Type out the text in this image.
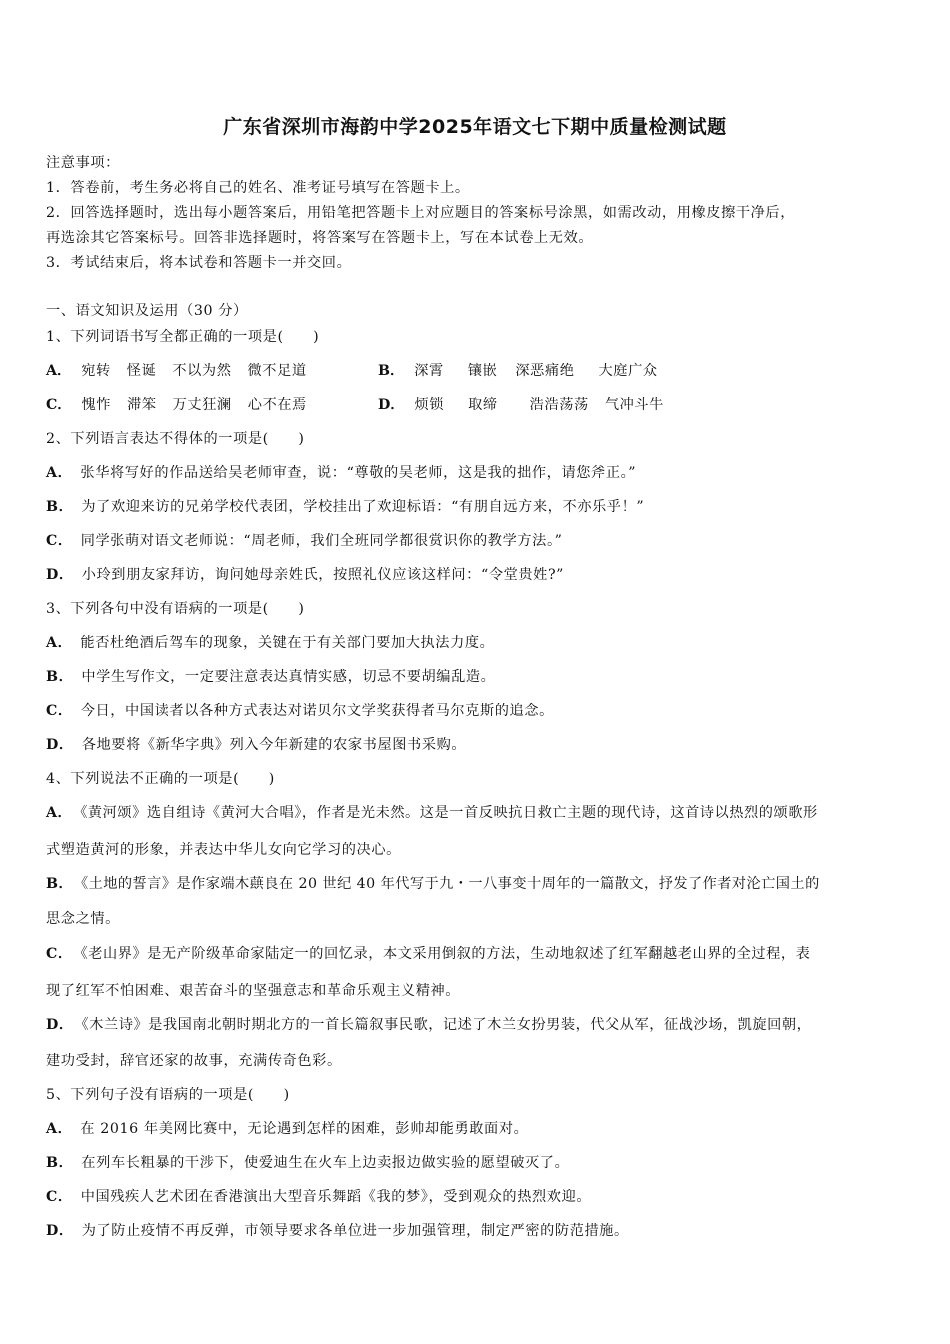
广东省深圳市海韵中学2025年语文七下期中质量检测试题
注意事项：
1．答卷前，考生务必将自己的姓名、准考证号填写在答题卡上。
2．回答选择题时，选出每小题答案后，用铅笔把答题卡上对应题目的答案标号涂黑，如需改动，用橡皮擦干净后，
再选涂其它答案标号。回答非选择题时，将答案写在答题卡上，写在本试卷上无效。
3．考试结束后，将本试卷和答题卡一并交回。
一、语文知识及运用（30 分）
1、下列词语书写全都正确的一项是(　　)
A． 宛转 怪诞 不以为然 微不足道	B． 深霄 镶嵌 深恶痛绝 大庭广众
C． 愧怍 滞笨 万丈狂澜 心不在焉	D． 烦锁 取缔 浩浩荡荡 气冲斗牛
2、下列语言表达不得体的一项是(　　)
A． 张华将写好的作品送给吴老师审查，说：“尊敬的吴老师，这是我的拙作，请您斧正。”
B． 为了欢迎来访的兄弟学校代表团，学校挂出了欢迎标语：“有朋自远方来，不亦乐乎！”
C． 同学张萌对语文老师说：“周老师，我们全班同学都很赏识你的教学方法。”
D． 小玲到朋友家拜访，询问她母亲姓氏，按照礼仪应该这样问：“令堂贵姓?”
3、下列各句中没有语病的一项是(　　)
A． 能否杜绝酒后驾车的现象，关键在于有关部门要加大执法力度。
B． 中学生写作文，一定要注意表达真情实感，切忌不要胡编乱造。
C． 今日，中国读者以各种方式表达对诺贝尔文学奖获得者马尔克斯的追念。
D． 各地要将《新华字典》列入今年新建的农家书屋图书采购。
4、下列说法不正确的一项是(　　)
A． 《黄河颂》选自组诗《黄河大合唱》，作者是光未然。这是一首反映抗日救亡主题的现代诗，这首诗以热烈的颂歌形
式塑造黄河的形象，并表达中华儿女向它学习的决心。
B． 《土地的誓言》是作家端木蕻良在 20 世纪 40 年代写于九・一八事变十周年的一篇散文，抒发了作者对沦亡国土的
思念之情。
C． 《老山界》是无产阶级革命家陆定一的回忆录，本文采用倒叙的方法，生动地叙述了红军翻越老山界的全过程，表
现了红军不怕困难、艰苦奋斗的坚强意志和革命乐观主义精神。
D． 《木兰诗》是我国南北朝时期北方的一首长篇叙事民歌，记述了木兰女扮男装，代父从军，征战沙场，凯旋回朝，
建功受封，辞官还家的故事，充满传奇色彩。
5、下列句子没有语病的一项是(　　)
A． 在 2016 年美网比赛中，无论遇到怎样的困难，彭帅却能勇敢面对。
B． 在列车长粗暴的干涉下，使爱迪生在火车上边卖报边做实验的愿望破灭了。
C． 中国残疾人艺术团在香港演出大型音乐舞蹈《我的梦》，受到观众的热烈欢迎。
D． 为了防止疫情不再反弹，市领导要求各单位进一步加强管理，制定严密的防范措施。
